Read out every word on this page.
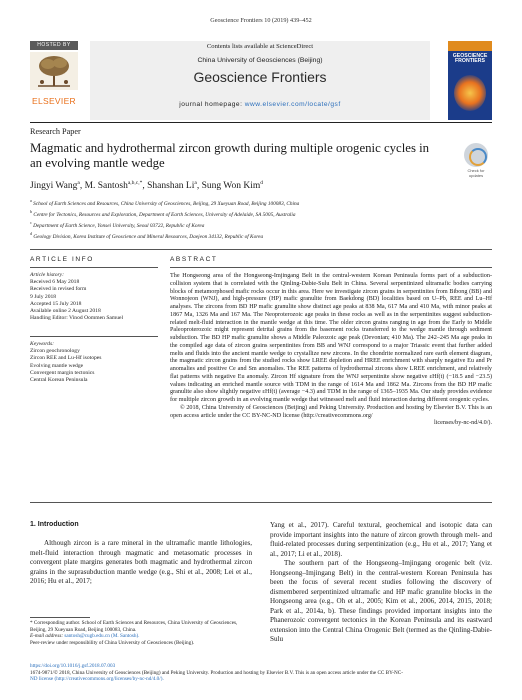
Geoscience Frontiers 10 (2019) 439–452
HOSTED BY
ELSEVIER
Contents lists available at ScienceDirect
China University of Geosciences (Beijing)
Geoscience Frontiers
journal homepage: www.elsevier.com/locate/gsf
GEOSCIENCE FRONTIERS
Research Paper
Magmatic and hydrothermal zircon growth during multiple orogenic cycles in an evolving mantle wedge
Check for updates
Jingyi Wang$^a$, M. Santosh$^{a,b,c,*}$, Shanshan Li$^a$, Sung Won Kim$^d$
$^a$ School of Earth Sciences and Resources, China University of Geosciences, Beijing, 29 Xueyuan Road, Beijing 100083, China
$^b$ Centre for Tectonics, Resources and Exploration, Department of Earth Sciences, University of Adelaide, SA 5005, Australia
$^c$ Department of Earth Science, Yonsei University, Seoul 03722, Republic of Korea
$^d$ Geology Division, Korea Institute of Geoscience and Mineral Resources, Daejeon 34132, Republic of Korea
ARTICLE INFO	ABSTRACT
Article history:
Received 6 May 2018
Received in revised form
9 July 2018
Accepted 15 July 2018
Available online 2 August 2018
Handling Editor: Vinod Oommen Samuel
Keywords:
Zircon geochronology
Zircon REE and Lu-Hf isotopes
Evolving mantle wedge
Convergent margin tectonics
Central Korean Peninsula
The Hongseong area of the Hongseong-Imjingang Belt in the central-western Korean Peninsula forms part of a subduction-collision system that is correlated with the Qinling-Dabie-Sulu Belt in China. Several serpentinized ultramafic bodies carrying blocks of metamorphosed mafic rocks occur in this area. Here we investigate zircon grains in serpentinites from Bibong (BB) and Wonnojeon (WNJ), and high-pressure (HP) mafic granulite from Baekdong (BD) localities based on U–Pb, REE and Lu–Hf analyses. The zircons from BD HP mafic granulite show distinct age peaks at 838 Ma, 617 Ma and 410 Ma, with minor peaks at 1867 Ma, 1326 Ma and 167 Ma. The Neoproterozoic age peaks in these rocks as well as in the serpentinites suggest subduction-related melt-fluid interaction in the mantle wedge at this time. The older zircon grains ranging in age from the Early to Middle Paleoproterozoic might represent detrital grains from the basement rocks transferred to the wedge mantle through sediment subduction. The BD HP mafic granulite shows a Middle Paleozoic age peak (Devonian; 410 Ma). The 242–245 Ma age peaks in the compiled age data of zircon grains serpentinites from BB and WNJ correspond to a major Triassic event that further added melts and fluids into the ancient mantle wedge to crystallize new zircons. In the chondrite normalized rare earth element diagram, the magmatic zircon grains from the studied rocks show LREE depletion and HREE enrichment with sharply negative Eu and Pr anomalies and positive Ce and Sm anomalies. The REE patterns of hydrothermal zircons show LREE enrichment, and relatively flat patterns with negative Eu anomaly. Zircon Hf signature from the WNJ serpentinite show negative εHf(t) (−18.5 and −23.5) values indicating an enriched mantle source with TDM in the range of 1614 Ma and 1862 Ma. Zircons from the BD HP mafic granulite also show slightly negative εHf(t) (average −4.3) and TDM in the range of 1365–1935 Ma. Our study provides evidence for multiple zircon growth in an evolving mantle wedge that witnessed melt and fluid interaction during different orogenic cycles.
© 2018, China University of Geosciences (Beijing) and Peking University. Production and hosting by Elsevier B.V. This is an open access article under the CC BY-NC-ND license (http://creativecommons.org/
licenses/by-nc-nd/4.0/).
1. Introduction

Although zircon is a rare mineral in the ultramafic mantle lithologies, melt-fluid interaction through magmatic and metasomatic processes in convergent plate margins generates both magmatic and hydrothermal zircon grains in the suprasubduction mantle wedge (e.g., Shi et al., 2008; Lei et al., 2016; Hu et al., 2017;

Yang et al., 2017). Careful textural, geochemical and isotopic data can provide important insights into the nature of zircon growth through melt- and fluid-related processes during serpentinization (e.g., Hu et al., 2017; Yang et al., 2017; Li et al., 2018).

The southern part of the Hongseong–Imjingang orogenic belt (viz. Hongseong–Imjingang Belt) in the central-western Korean Peninsula has been the focus of several recent studies following the discovery of dismembered serpentinized ultramafic and HP mafic granulite blocks in the Hongseong area (e.g., Oh et al., 2005; Kim et al., 2006, 2014, 2015, 2018; Park et al., 2014a, b). These findings provided important insights into the Phanerozoic convergent tectonics in the Korean Peninsula and its eastward extension into the Central China Orogenic Belt (termed as the Qinling-Dabie-Sulu

* Corresponding author. School of Earth Sciences and Resources, China University of Geosciences, Beijing, 29 Xueyuan Road, Beijing 100083, China.
E-mail address: santosh@cugb.edu.cn (M. Santosh).
Peer-review under responsibility of China University of Geosciences (Beijing).
https://doi.org/10.1016/j.gsf.2018.07.003
1674-9871/© 2018, China University of Geosciences (Beijing) and Peking University. Production and hosting by Elsevier B.V. This is an open access article under the CC BY-NC-
ND license (http://creativecommons.org/licenses/by-nc-nd/4.0/).
